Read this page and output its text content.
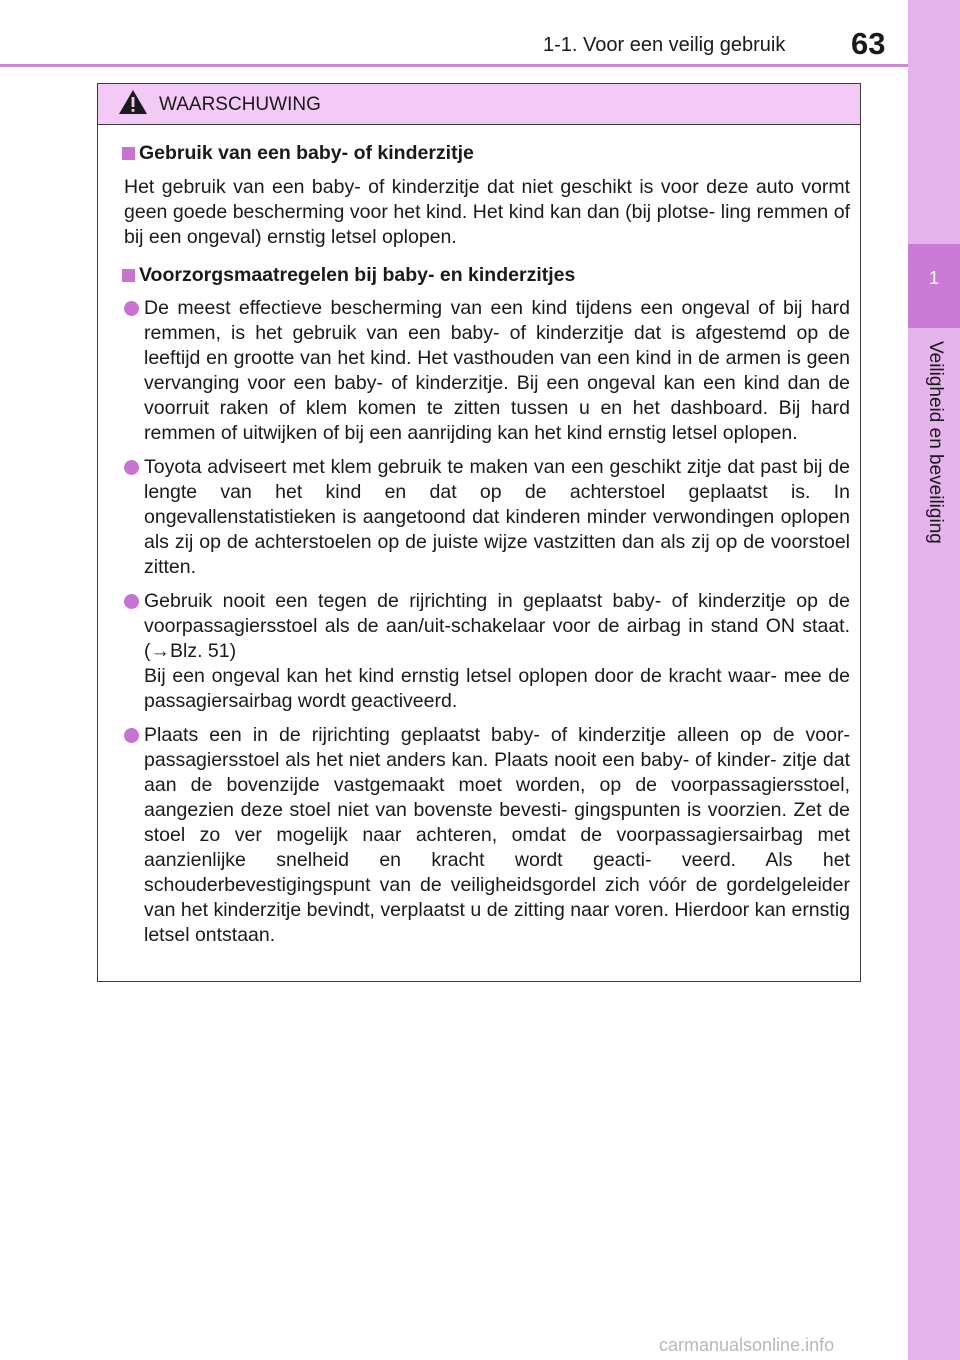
1-1. Voor een veilig gebruik 63
1
Veiligheid en beveiliging
WAARSCHUWING
Gebruik van een baby- of kinderzitje
Het gebruik van een baby- of kinderzitje dat niet geschikt is voor deze auto vormt geen goede bescherming voor het kind. Het kind kan dan (bij plotse- ling remmen of bij een ongeval) ernstig letsel oplopen.
Voorzorgsmaatregelen bij baby- en kinderzitjes
De meest effectieve bescherming van een kind tijdens een ongeval of bij hard remmen, is het gebruik van een baby- of kinderzitje dat is afgestemd op de leeftijd en grootte van het kind. Het vasthouden van een kind in de armen is geen vervanging voor een baby- of kinderzitje. Bij een ongeval kan een kind dan de voorruit raken of klem komen te zitten tussen u en het dashboard. Bij hard remmen of uitwijken of bij een aanrijding kan het kind ernstig letsel oplopen.
Toyota adviseert met klem gebruik te maken van een geschikt zitje dat past bij de lengte van het kind en dat op de achterstoel geplaatst is. In ongevallenstatistieken is aangetoond dat kinderen minder verwondingen oplopen als zij op de achterstoelen op de juiste wijze vastzitten dan als zij op de voorstoel zitten.
Gebruik nooit een tegen de rijrichting in geplaatst baby- of kinderzitje op de voorpassagiersstoel als de aan/uit-schakelaar voor de airbag in stand ON staat. (→Blz. 51)
Bij een ongeval kan het kind ernstig letsel oplopen door de kracht waar- mee de passagiersairbag wordt geactiveerd.
Plaats een in de rijrichting geplaatst baby- of kinderzitje alleen op de voor- passagiersstoel als het niet anders kan. Plaats nooit een baby- of kinder- zitje dat aan de bovenzijde vastgemaakt moet worden, op de voorpassagiersstoel, aangezien deze stoel niet van bovenste bevesti- gingspunten is voorzien. Zet de stoel zo ver mogelijk naar achteren, omdat de voorpassagiersairbag met aanzienlijke snelheid en kracht wordt geacti- veerd. Als het schouderbevestigingspunt van de veiligheidsgordel zich vóór de gordelgeleider van het kinderzitje bevindt, verplaatst u de zitting naar voren. Hierdoor kan ernstig letsel ontstaan.
carmanualsonline.info
